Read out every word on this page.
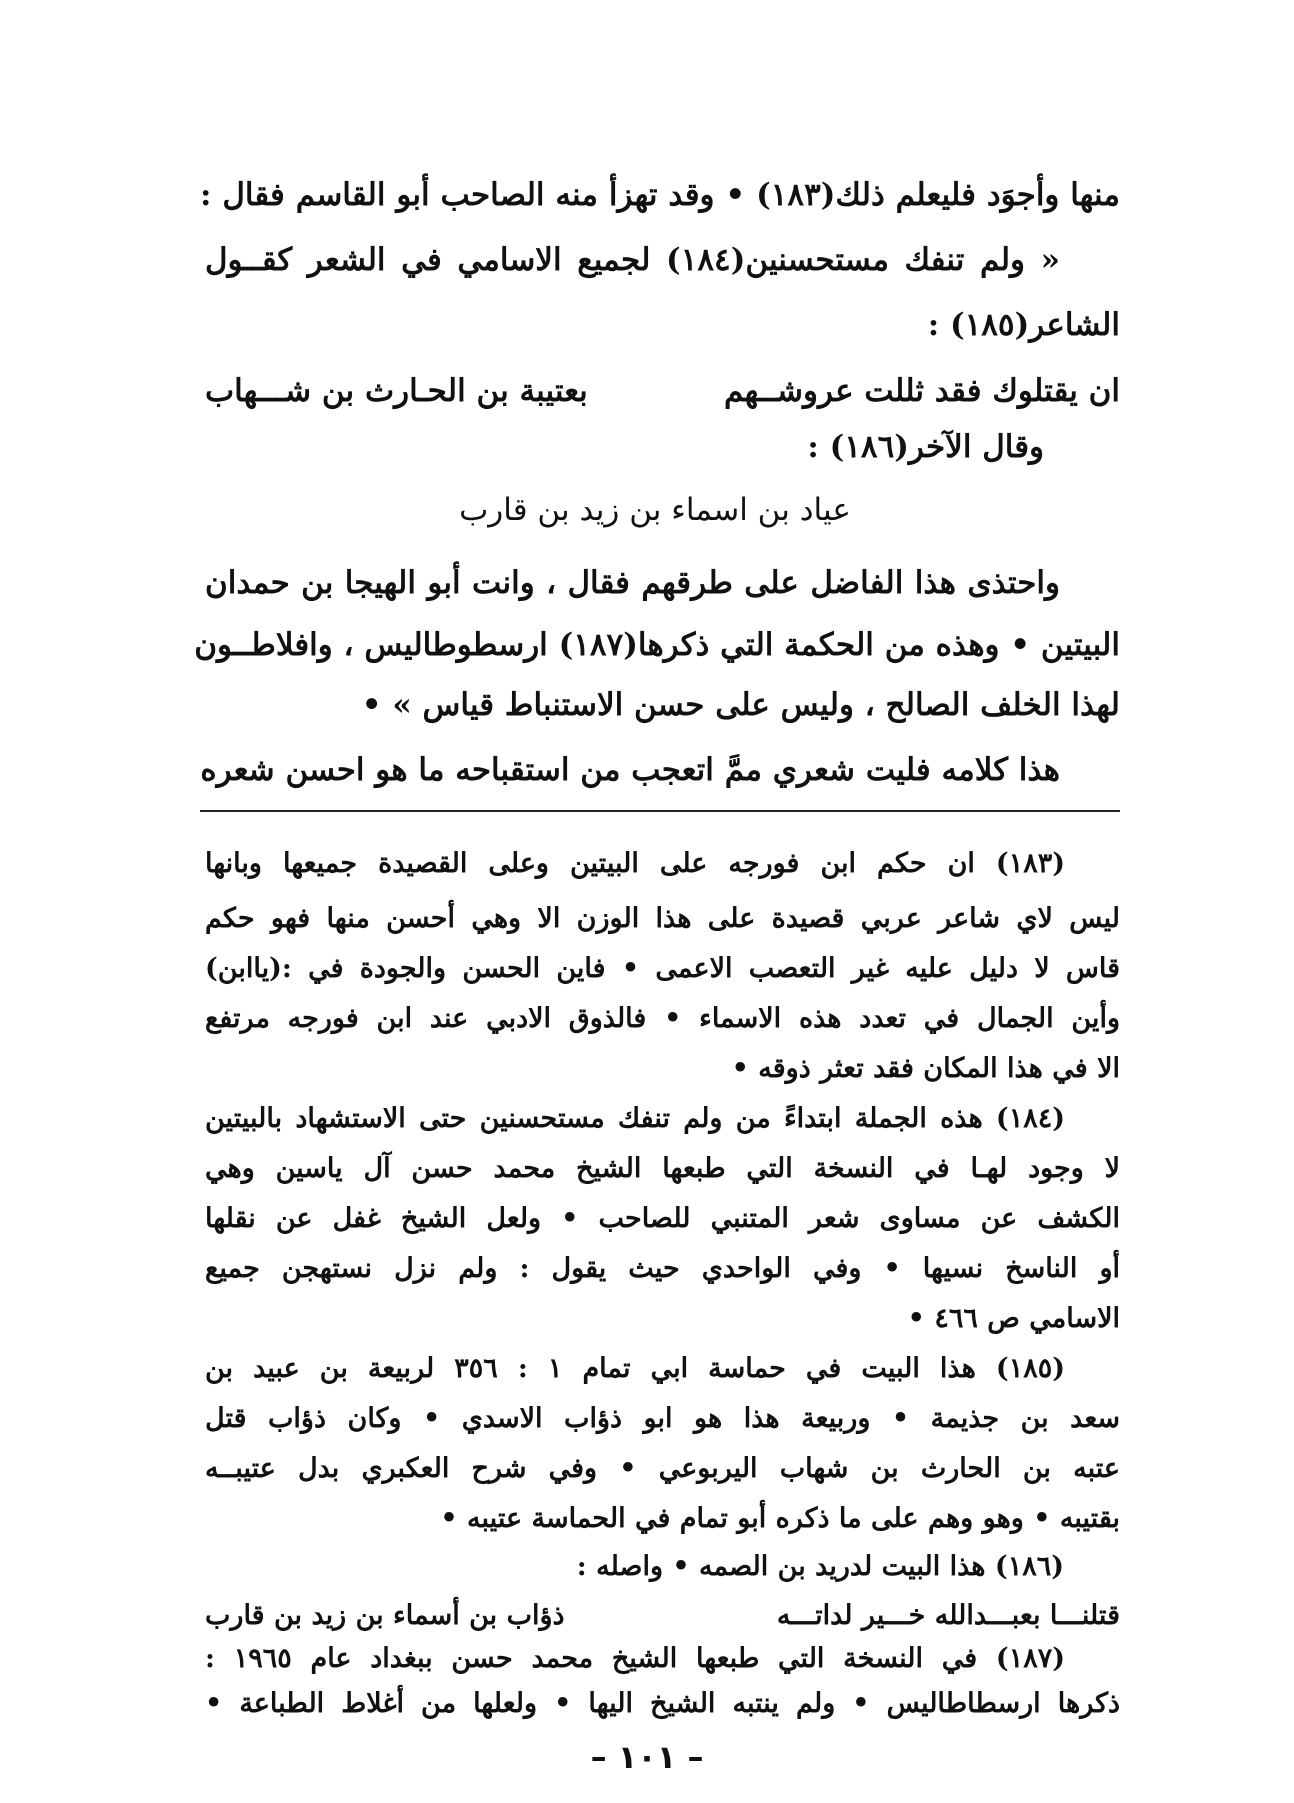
منها وأجوَد فليعلم ذلك(١٨٣) • وقد تهزأ منه الصاحب أبو القاسم فقال :
« ولم تنفك مستحسنين(١٨٤) لجميع الاسامي في الشعر كقــول
الشاعر(١٨٥) :
ان يقتلوك فقد ثللت عروشــهم
بعتيبة بن الحـارث بن شـــهاب
وقال الآخر(١٨٦) :
عياد بن اسماء بن زيد بن قارب
واحتذى هذا الفاضل على طرقهم فقال ، وانت أبو الهيجا بن حمدان
البيتين • وهذه من الحكمة التي ذكرها(١٨٧) ارسطوطاليس ، وافلاطــون
لهذا الخلف الصالح ، وليس على حسن الاستنباط قياس » •
هذا كلامه فليت شعري ممَّ اتعجب من استقباحه ما هو احسن شعره
(١٨٣) ان حكم ابن فورجه على البيتين وعلى القصيدة جميعها وبانها
ليس لاي شاعر عربي قصيدة على هذا الوزن الا وهي أحسن منها فهو حكم
قاس لا دليل عليه غير التعصب الاعمى • فاين الحسن والجودة في :(ياابن)
وأين الجمال في تعدد هذه الاسماء • فالذوق الادبي عند ابن فورجه مرتفع
الا في هذا المكان فقد تعثر ذوقه •
(١٨٤) هذه الجملة ابتداءً من ولم تنفك مستحسنين حتى الاستشهاد بالبيتين
لا وجود لهـا في النسخة التي طبعها الشيخ محمد حسن آل ياسين وهي
الكشف عن مساوى شعر المتنبي للصاحب • ولعل الشيخ غفل عن نقلها
أو الناسخ نسيها • وفي الواحدي حيث يقول : ولم نزل نستهجن جميع
الاسامي ص ٤٦٦ •
(١٨٥) هذا البيت في حماسة ابي تمام ١ : ٣٥٦ لربيعة بن عبيد بن
سعد بن جذيمة • وربيعة هذا هو ابو ذؤاب الاسدي • وكان ذؤاب قتل
عتبه بن الحارث بن شهاب اليربوعي • وفي شرح العكبري بدل عتيبــه
بقتيبه • وهو وهم على ما ذكره أبو تمام في الحماسة عتيبه •
(١٨٦) هذا البيت لدريد بن الصمه • واصله :
قتلنـــا بعبـــدالله خـــير لداتـــه
ذؤاب بن أسماء بن زيد بن قارب
(١٨٧) في النسخة التي طبعها الشيخ محمد حسن ببغداد عام ١٩٦٥ :
– ١٠١ –
ذكرها ارسطاطاليس • ولم ينتبه الشيخ اليها • ولعلها من أغلاط الطباعة •
